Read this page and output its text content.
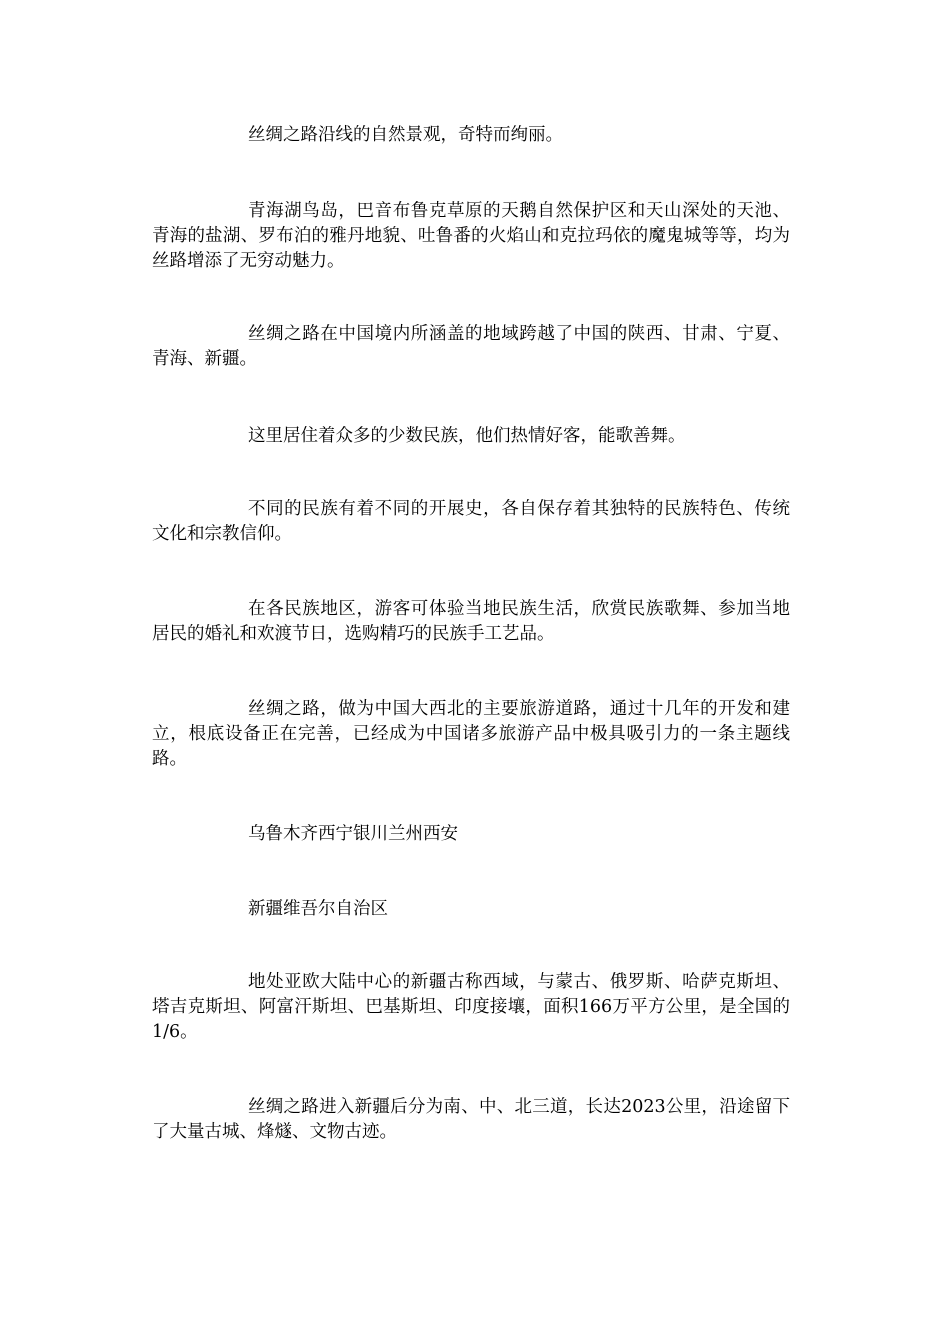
丝绸之路沿线的自然景观，奇特而绚丽。

青海湖鸟岛，巴音布鲁克草原的天鹅自然保护区和天山深处的天池、青海的盐湖、罗布泊的雅丹地貌、吐鲁番的火焰山和克拉玛依的魔鬼城等等，均为丝路增添了无穷动魅力。

丝绸之路在中国境内所涵盖的地域跨越了中国的陕西、甘肃、宁夏、青海、新疆。

这里居住着众多的少数民族，他们热情好客，能歌善舞。

不同的民族有着不同的开展史，各自保存着其独特的民族特色、传统文化和宗教信仰。

在各民族地区，游客可体验当地民族生活，欣赏民族歌舞、参加当地居民的婚礼和欢渡节日，选购精巧的民族手工艺品。

丝绸之路，做为中国大西北的主要旅游道路，通过十几年的开发和建立，根底设备正在完善，已经成为中国诸多旅游产品中极具吸引力的一条主题线路。

乌鲁木齐西宁银川兰州西安

新疆维吾尔自治区

地处亚欧大陆中心的新疆古称西域，与蒙古、俄罗斯、哈萨克斯坦、塔吉克斯坦、阿富汗斯坦、巴基斯坦、印度接壤，面积166万平方公里，是全国的1/6。

丝绸之路进入新疆后分为南、中、北三道，长达2023公里，沿途留下了大量古城、烽燧、文物古迹。
